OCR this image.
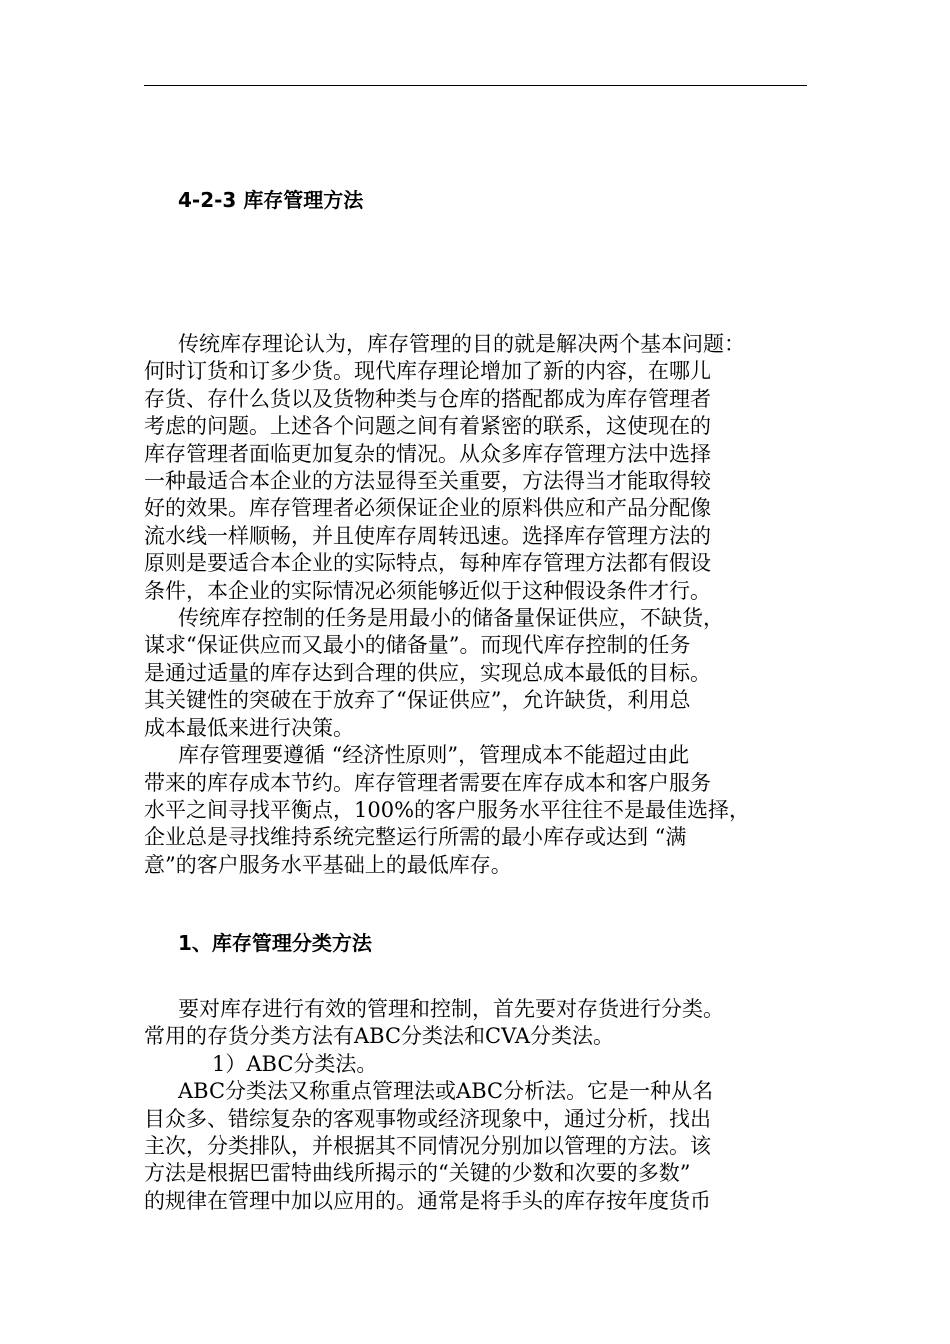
4-2-3 库存管理方法

传统库存理论认为，库存管理的目的就是解决两个基本问题：
何时订货和订多少货。现代库存理论增加了新的内容，在哪儿
存货、存什么货以及货物种类与仓库的搭配都成为库存管理者
考虑的问题。上述各个问题之间有着紧密的联系，这使现在的
库存管理者面临更加复杂的情况。从众多库存管理方法中选择
一种最适合本企业的方法显得至关重要，方法得当才能取得较
好的效果。库存管理者必须保证企业的原料供应和产品分配像
流水线一样顺畅，并且使库存周转迅速。选择库存管理方法的
原则是要适合本企业的实际特点，每种库存管理方法都有假设
条件，本企业的实际情况必须能够近似于这种假设条件才行。

传统库存控制的任务是用最小的储备量保证供应，不缺货，
谋求“保证供应而又最小的储备量”。而现代库存控制的任务
是通过适量的库存达到合理的供应，实现总成本最低的目标。
其关键性的突破在于放弃了“保证供应”，允许缺货，利用总
成本最低来进行决策。

库存管理要遵循 “经济性原则”，管理成本不能超过由此
带来的库存成本节约。库存管理者需要在库存成本和客户服务
水平之间寻找平衡点，100%的客户服务水平往往不是最佳选择，
企业总是寻找维持系统完整运行所需的最小库存或达到 “满
意”的客户服务水平基础上的最低库存。

1、库存管理分类方法

要对库存进行有效的管理和控制，首先要对存货进行分类。
常用的存货分类方法有ABC分类法和CVA分类法。

1）ABC分类法。

ABC分类法又称重点管理法或ABC分析法。它是一种从名
目众多、错综复杂的客观事物或经济现象中，通过分析，找出
主次，分类排队，并根据其不同情况分别加以管理的方法。该
方法是根据巴雷特曲线所揭示的“关键的少数和次要的多数”
的规律在管理中加以应用的。通常是将手头的库存按年度货币
